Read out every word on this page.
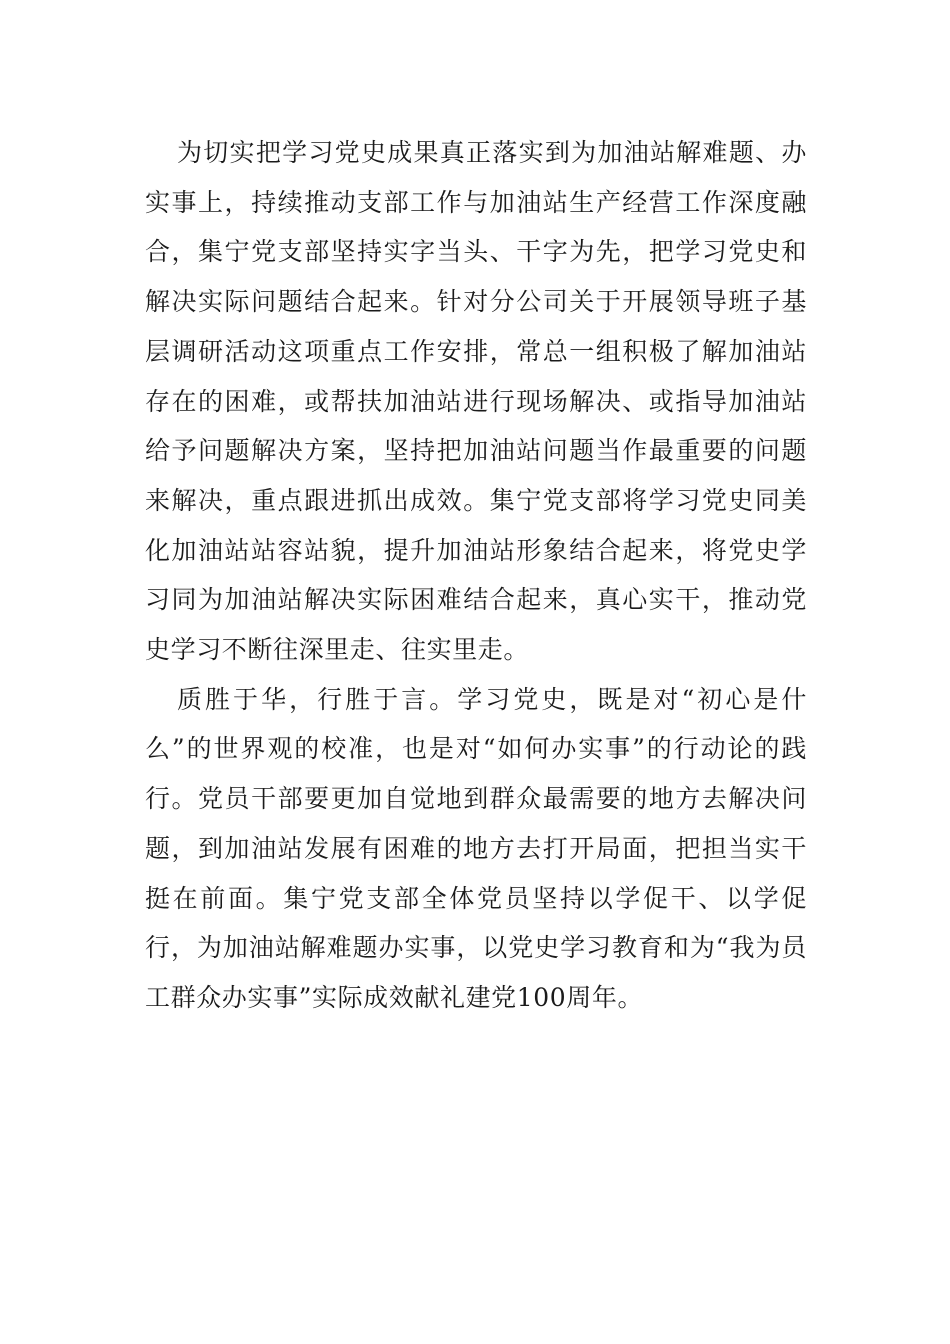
为切实把学习党史成果真正落实到为加油站解难题、办实事上，持续推动支部工作与加油站生产经营工作深度融合，集宁党支部坚持实字当头、干字为先，把学习党史和解决实际问题结合起来。针对分公司关于开展领导班子基层调研活动这项重点工作安排，常总一组积极了解加油站存在的困难，或帮扶加油站进行现场解决、或指导加油站给予问题解决方案，坚持把加油站问题当作最重要的问题来解决，重点跟进抓出成效。集宁党支部将学习党史同美化加油站站容站貌，提升加油站形象结合起来，将党史学习同为加油站解决实际困难结合起来，真心实干，推动党史学习不断往深里走、往实里走。

质胜于华，行胜于言。学习党史，既是对“初心是什么”的世界观的校准，也是对“如何办实事”的行动论的践行。党员干部要更加自觉地到群众最需要的地方去解决问题，到加油站发展有困难的地方去打开局面，把担当实干挺在前面。集宁党支部全体党员坚持以学促干、以学促行，为加油站解难题办实事，以党史学习教育和为“我为员工群众办实事”实际成效献礼建党100周年。
